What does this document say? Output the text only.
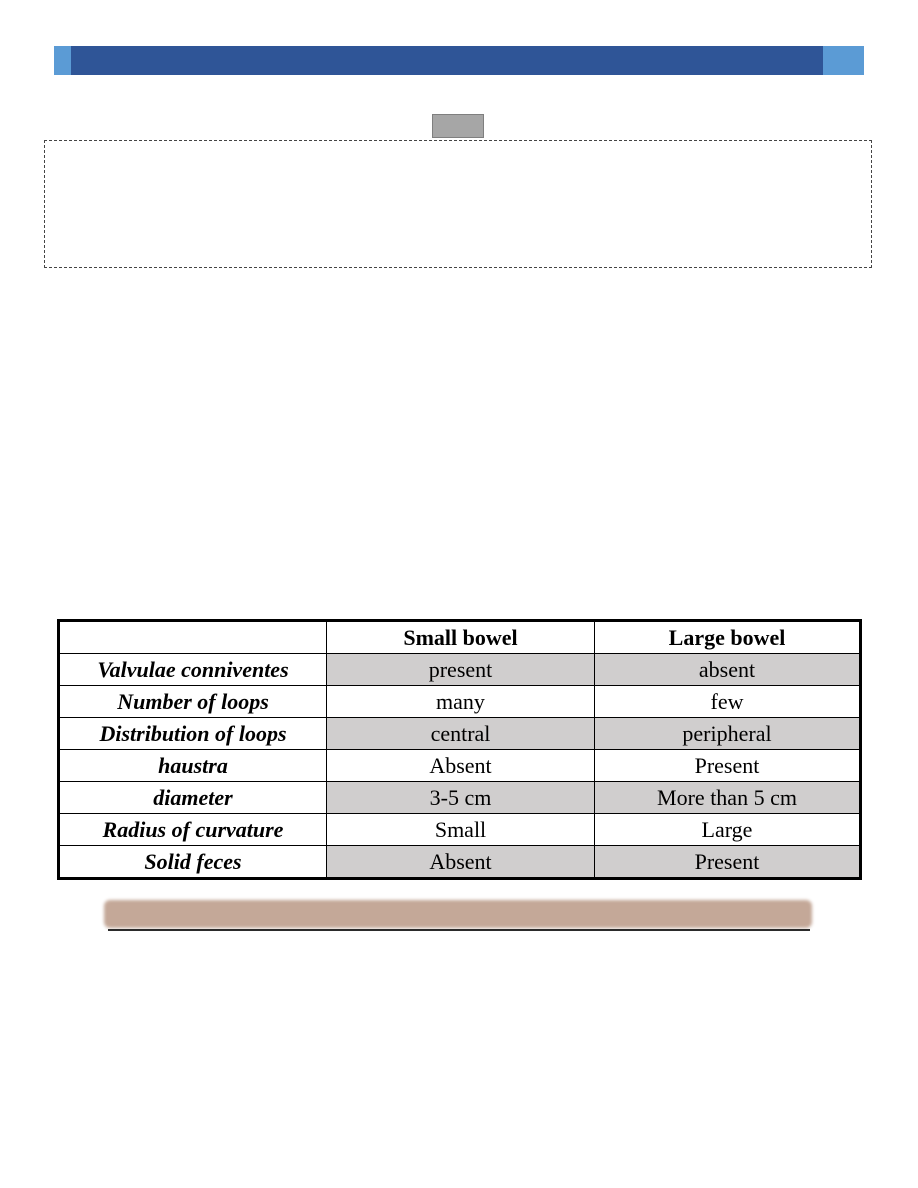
	Small bowel	Large bowel
Valvulae conniventes	present	absent
Number of loops	many	few
Distribution of loops	central	peripheral
haustra	Absent	Present
diameter	3-5 cm	More than 5 cm
Radius of curvature	Small	Large
Solid feces	Absent	Present
